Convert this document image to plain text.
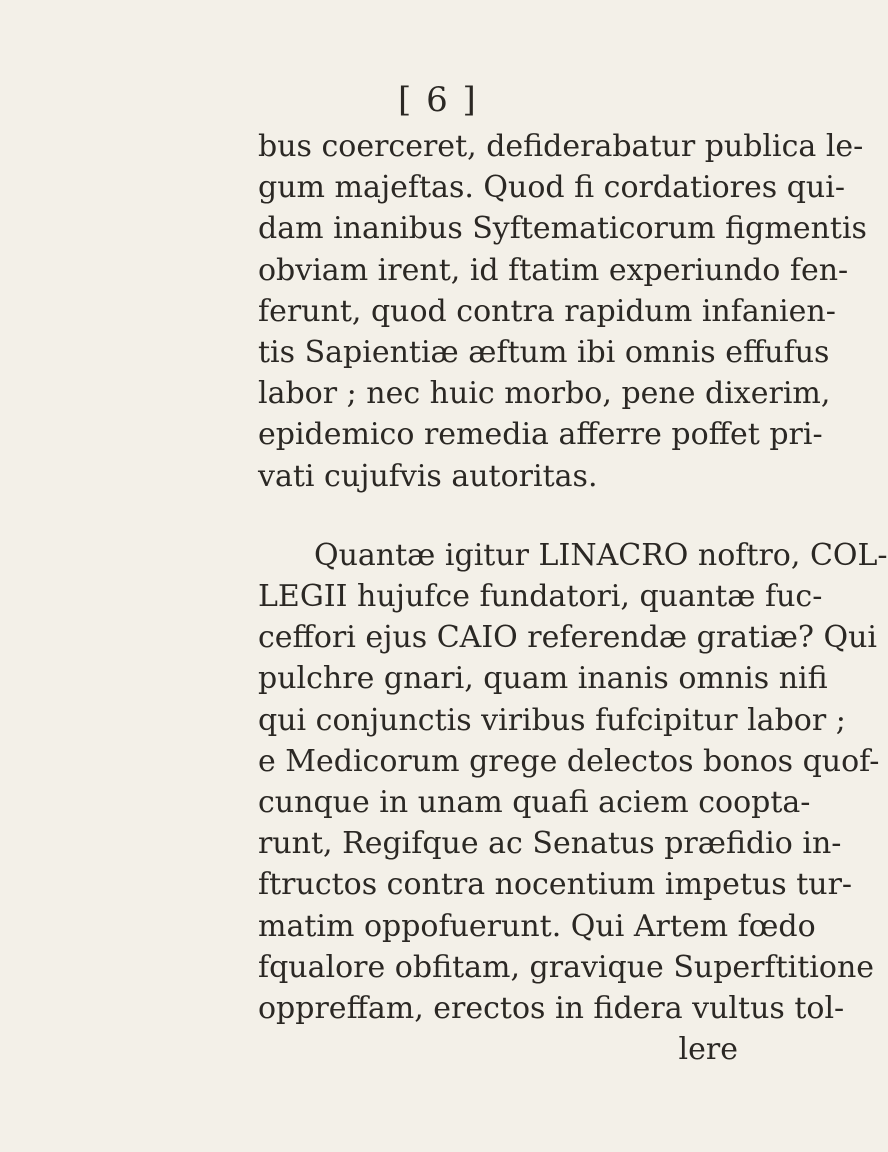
[ 6 ]
bus coerceret, defiderabatur publica le-
gum majeftas. Quod fi cordatiores qui-
dam inanibus Syftematicorum figmentis
obviam irent, id ftatim experiundo fen-
ferunt, quod contra rapidum infanien-
tis Sapientiæ æftum ibi omnis effufus
labor ; nec huic morbo, pene dixerim,
epidemico remedia afferre poffet pri-
vati cujufvis autoritas.
Quantæ igitur LINACRO noftro, COL-
LEGII hujufce fundatori, quantæ fuc-
ceffori ejus CAIO referendæ gratiæ? Qui
pulchre gnari, quam inanis omnis nifi
qui conjunctis viribus fufcipitur labor ;
e Medicorum grege delectos bonos quof-
cunque in unam quafi aciem coopta-
runt, Regifque ac Senatus præfidio in-
ftructos contra nocentium impetus tur-
matim oppofuerunt. Qui Artem fœdo
fqualore obfitam, gravique Superftitione
oppreffam, erectos in fidera vultus tol-
lere
